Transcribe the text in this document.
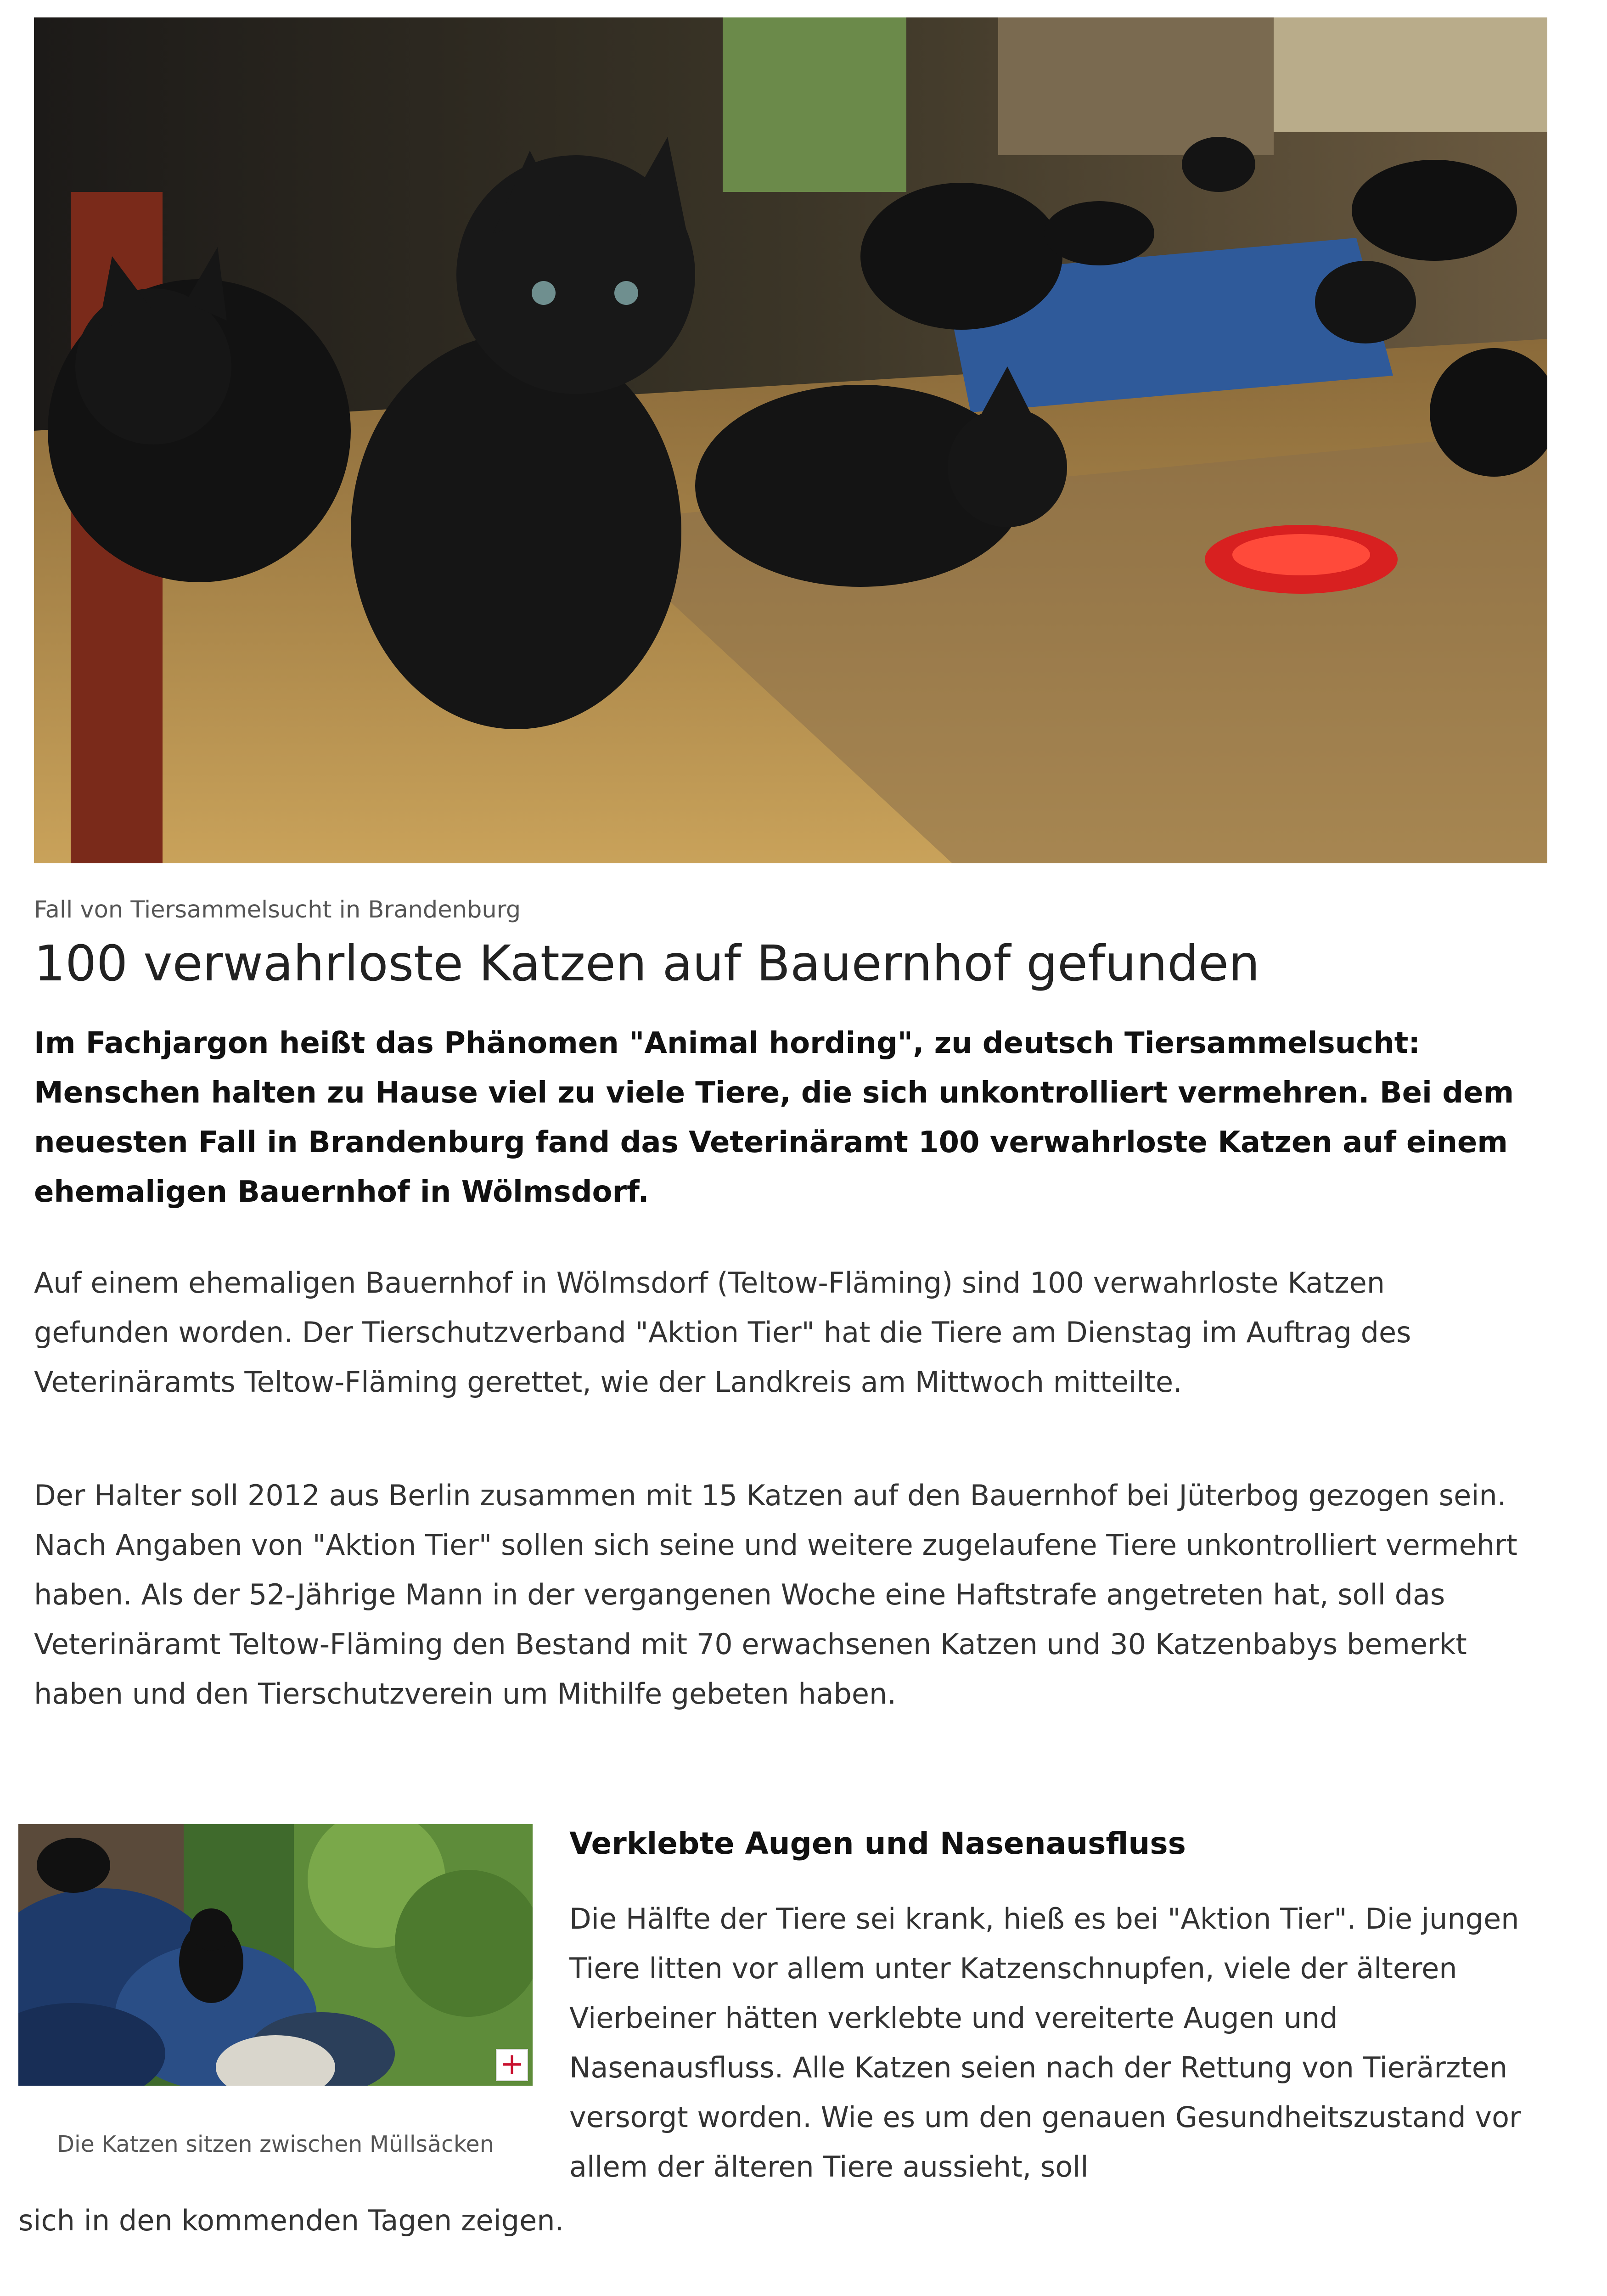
Fall von Tiersammelsucht in Brandenburg
100 verwahrloste Katzen auf Bauernhof gefunden

Im Fachjargon heißt das Phänomen "Animal hording", zu deutsch Tiersammelsucht: Menschen halten zu Hause viel zu viele Tiere, die sich unkontrolliert vermehren. Bei dem neuesten Fall in Brandenburg fand das Veterinäramt 100 verwahrloste Katzen auf einem ehemaligen Bauernhof in Wölmsdorf.

Auf einem ehemaligen Bauernhof in Wölmsdorf (Teltow-Fläming) sind 100 verwahrloste Katzen gefunden worden. Der Tierschutzverband "Aktion Tier" hat die Tiere am Dienstag im Auftrag des Veterinäramts Teltow-Fläming gerettet, wie der Landkreis am Mittwoch mitteilte.

Der Halter soll 2012 aus Berlin zusammen mit 15 Katzen auf den Bauernhof bei Jüterbog gezogen sein. Nach Angaben von "Aktion Tier" sollen sich seine und weitere zugelaufene Tiere unkontrolliert vermehrt haben. Als der 52-Jährige Mann in der vergangenen Woche eine Haftstrafe angetreten hat, soll das Veterinäramt Teltow-Fläming den Bestand mit 70 erwachsenen Katzen und 30 Katzenbabys bemerkt haben und den Tierschutzverein um Mithilfe gebeten haben.

+
Die Katzen sitzen zwischen Müllsäcken
Verklebte Augen und Nasenausfluss

Die Hälfte der Tiere sei krank, hieß es bei "Aktion Tier". Die jungen Tiere litten vor allem unter Katzenschnupfen, viele der älteren Vierbeiner hätten verklebte und vereiterte Augen und Nasenausfluss. Alle Katzen seien nach der Rettung von Tierärzten versorgt worden. Wie es um den genauen Gesundheitszustand vor allem der älteren Tiere aussieht, soll

sich in den kommenden Tagen zeigen.
